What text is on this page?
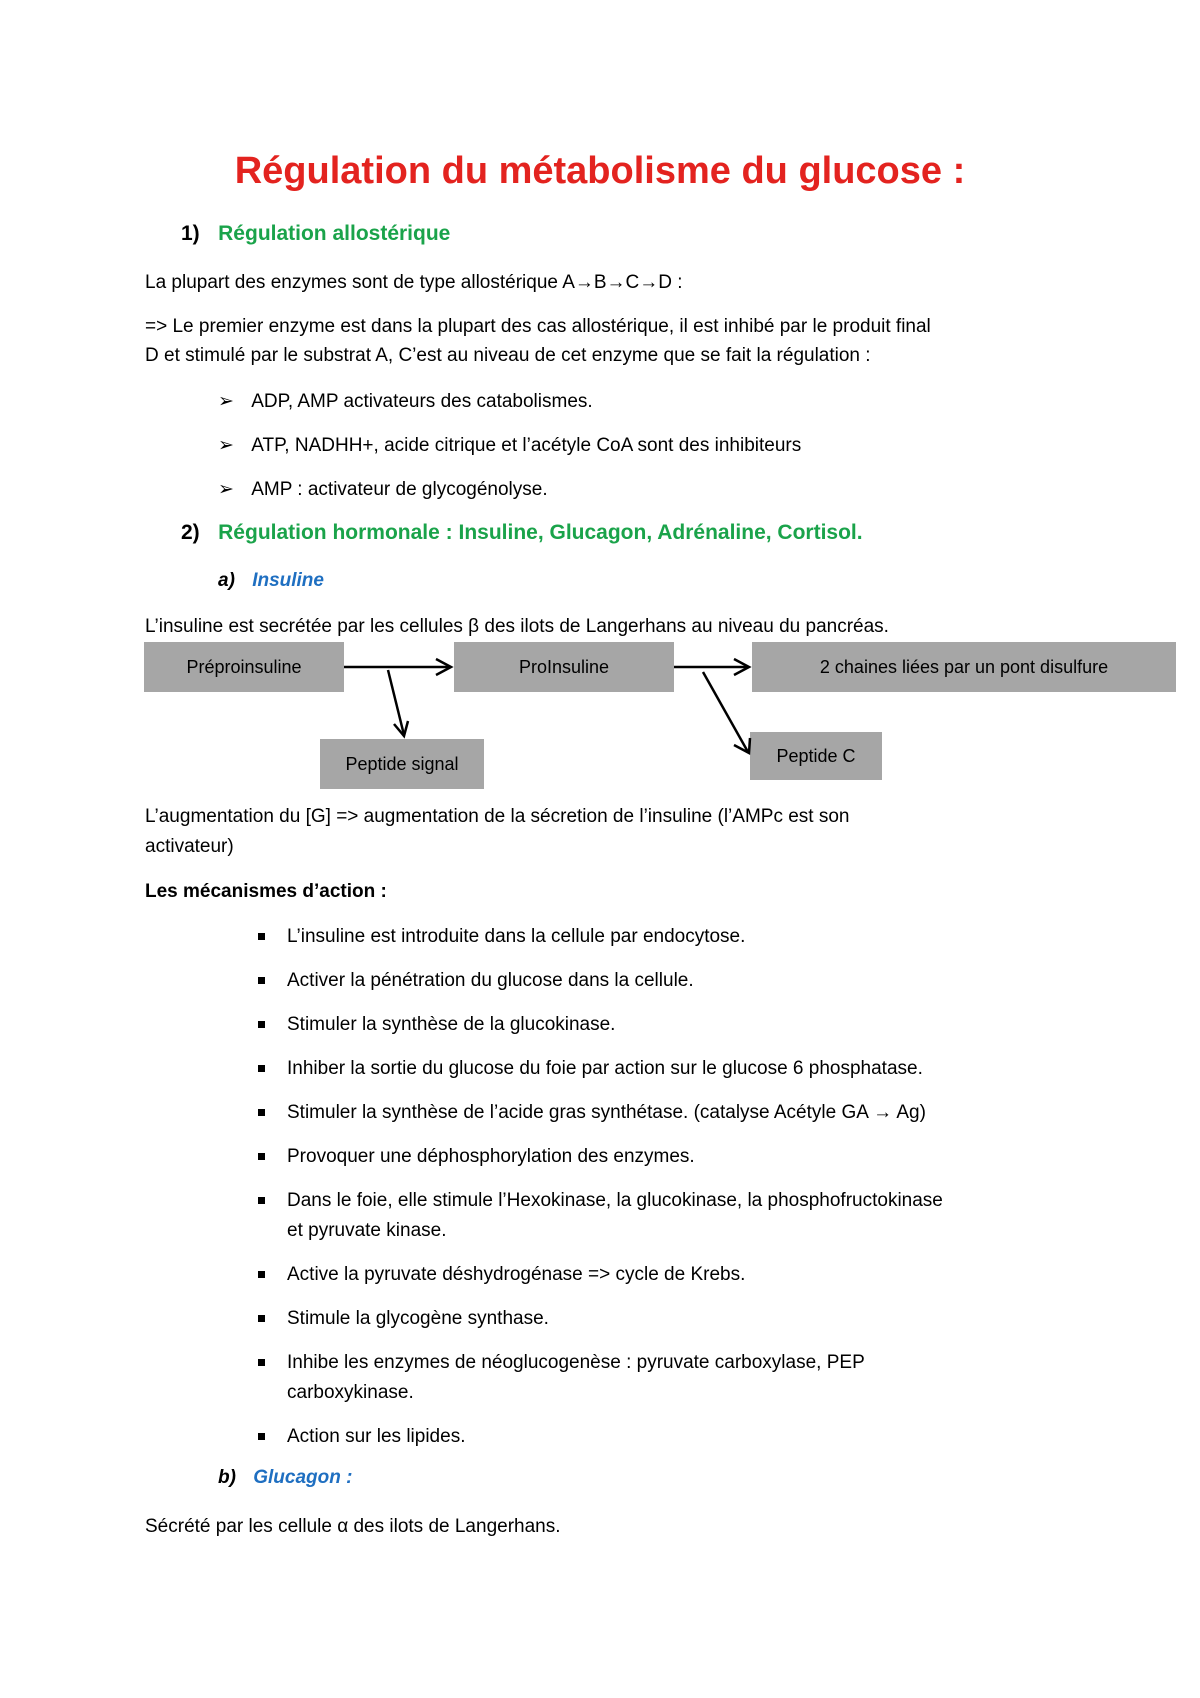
Régulation du métabolisme du glucose :
1) Régulation allostérique
La plupart des enzymes sont de type allostérique A→B→C→D :
=> Le premier enzyme est dans la plupart des cas allostérique, il est inhibé par le produit final
D et stimulé par le substrat A, C’est au niveau de cet enzyme que se fait la régulation :
➢ ADP, AMP activateurs des catabolismes.
➢ ATP, NADHH+, acide citrique et l’acétyle CoA sont des inhibiteurs
➢ AMP : activateur de glycogénolyse.
2) Régulation hormonale : Insuline, Glucagon, Adrénaline, Cortisol.
a) Insuline
L’insuline est secrétée par les cellules β des ilots de Langerhans au niveau du pancréas.
Préproinsuline	ProInsuline	2 chaines liées par un pont disulfure
Peptide signal	Peptide C
L’augmentation du [G] => augmentation de la sécretion de l’insuline (l’AMPc est son
activateur)
Les mécanismes d’action :
L’insuline est introduite dans la cellule par endocytose.
Activer la pénétration du glucose dans la cellule.
Stimuler la synthèse de la glucokinase.
Inhiber la sortie du glucose du foie par action sur le glucose 6 phosphatase.
Stimuler la synthèse de l’acide gras synthétase. (catalyse Acétyle GA → Ag)
Provoquer une déphosphorylation des enzymes.
Dans le foie, elle stimule l’Hexokinase, la glucokinase, la phosphofructokinase
et pyruvate kinase.
Active la pyruvate déshydrogénase => cycle de Krebs.
Stimule la glycogène synthase.
Inhibe les enzymes de néoglucogenèse : pyruvate carboxylase, PEP
carboxykinase.
Action sur les lipides.
b) Glucagon :
Sécrété par les cellule α des ilots de Langerhans.
